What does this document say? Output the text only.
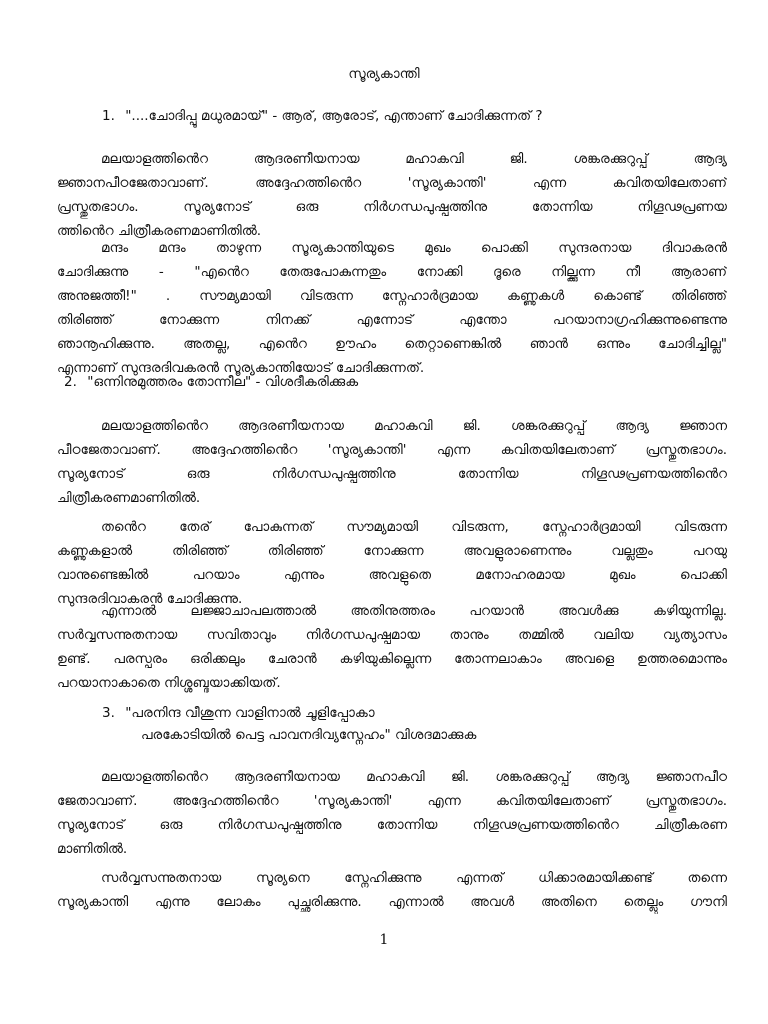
സൂര്യകാന്തി
1. "....ചോദിപ്പൂ മധുരമായ്" - ആര്, ആരോട്, എന്താണ് ചോദിക്കുന്നത് ?
മലയാളത്തിൻെറ ആദരണീയനായ മഹാകവി ജി. ശങ്കരക്കുറുപ്പ് ആദ്യ
ജ്ഞാനപീഠജേതാവാണ്. അദ്ദേഹത്തിൻെറ 'സൂര്യകാന്തി' എന്ന കവിതയിലേതാണ്
പ്രസ്തുതഭാഗം. സൂര്യനോട് ഒരു നിർഗന്ധപുഷ്പത്തിനു തോന്നിയ നിഗൂഢപ്രണയ
ത്തിൻെറ ചിത്രീകരണമാണിതിൽ.
മന്ദം മന്ദം താഴുന്ന സൂര്യകാന്തിയുടെ മുഖം പൊക്കി സുന്ദരനായ ദിവാകരൻ
ചോദിക്കുന്നു - "എൻെറ തേരുപോകുന്നതും നോക്കി ദൂരെ നില്ക്കുന്ന നീ ആരാണ്
അനുജത്തീ!" . സൗമ്യമായി വിടരുന്ന സ്നേഹാർദ്രമായ കണ്ണുകൾ കൊണ്ട് തിരിഞ്ഞ്
തിരിഞ്ഞ് നോക്കുന്ന നിനക്ക് എന്നോട് എന്തോ പറയാനാഗ്രഹിക്കുന്നുണ്ടെന്നു
ഞാനൂഹിക്കുന്നു. അതല്ല, എൻെറ ഊഹം തെറ്റാണെങ്കിൽ ഞാൻ ഒന്നും ചോദിച്ചില്ല"
എന്നാണ് സുന്ദരദിവകരൻ സൂര്യകാന്തിയോട് ചോദിക്കുന്നത്.
2. "ഒന്നിനുമുത്തരം തോന്നീല" - വിശദീകരിക്കുക
മലയാളത്തിൻെറ ആദരണീയനായ മഹാകവി ജി. ശങ്കരക്കുറുപ്പ് ആദ്യ ജ്ഞാന
പീഠജേതാവാണ്. അദ്ദേഹത്തിൻെറ 'സൂര്യകാന്തി' എന്ന കവിതയിലേതാണ് പ്രസ്തുതഭാഗം.
സൂര്യനോട് ഒരു നിർഗന്ധപുഷ്പത്തിനു തോന്നിയ നിഗൂഢപ്രണയത്തിൻെറ
ചിത്രീകരണമാണിതിൽ.
തൻെറ തേര് പോകുന്നത് സൗമ്യമായി വിടരുന്ന, സ്നേഹാർദ്രമായി വിടരുന്ന
കണ്ണുകളാൽ തിരിഞ്ഞ് തിരിഞ്ഞ് നോക്കുന്ന അവളുരാണെന്നും വല്ലതും പറയു
വാനുണ്ടെങ്കിൽ പറയാം എന്നും അവളുതെ മനോഹരമായ മുഖം പൊക്കി
സുന്ദരദിവാകരൻ ചോദിക്കുന്നു.
എന്നാൽ ലജ്ജാചാപലത്താൽ അതിനുത്തരം പറയാൻ അവൾക്കു കഴിയുന്നില്ല.
സർവ്വസന്നുതനായ സവിതാവും നിർഗന്ധപുഷ്പമായ താനും തമ്മിൽ വലിയ വ്യത്യാസം
ഉണ്ട്. പരസ്പരം ഒരിക്കലും ചേരാൻ കഴിയുകില്ലെന്ന തോന്നലാകാം അവളെ ഉത്തരമൊന്നും
പറയാനാകാതെ നിശ്ശബ്ദയാക്കിയത്.
3. "പരനിന്ദ വീശുന്ന വാളിനാൽ ചൂളിപ്പോകാ
പരകോടിയിൽ പെട്ട പാവനദിവ്യസ്നേഹം" വിശദമാക്കുക
മലയാളത്തിൻെറ ആദരണീയനായ മഹാകവി ജി. ശങ്കരക്കുറുപ്പ് ആദ്യ ജ്ഞാനപീഠ
ജേതാവാണ്. അദ്ദേഹത്തിൻെറ 'സൂര്യകാന്തി' എന്ന കവിതയിലേതാണ് പ്രസ്തുതഭാഗം.
സൂര്യനോട് ഒരു നിർഗന്ധപുഷ്പത്തിനു തോന്നിയ നിഗൂഢപ്രണയത്തിൻെറ ചിത്രീകരണ
മാണിതിൽ.
സർവ്വസന്നുതനായ സൂര്യനെ സ്നേഹിക്കുന്നു എന്നത് ധിക്കാരമായിക്കണ്ട് തന്നെ
സൂര്യകാന്തി എന്നു ലോകം പുച്ഛരിക്കുന്നു. എന്നാൽ അവൾ അതിനെ തെല്ലും ഗൗനി
1
